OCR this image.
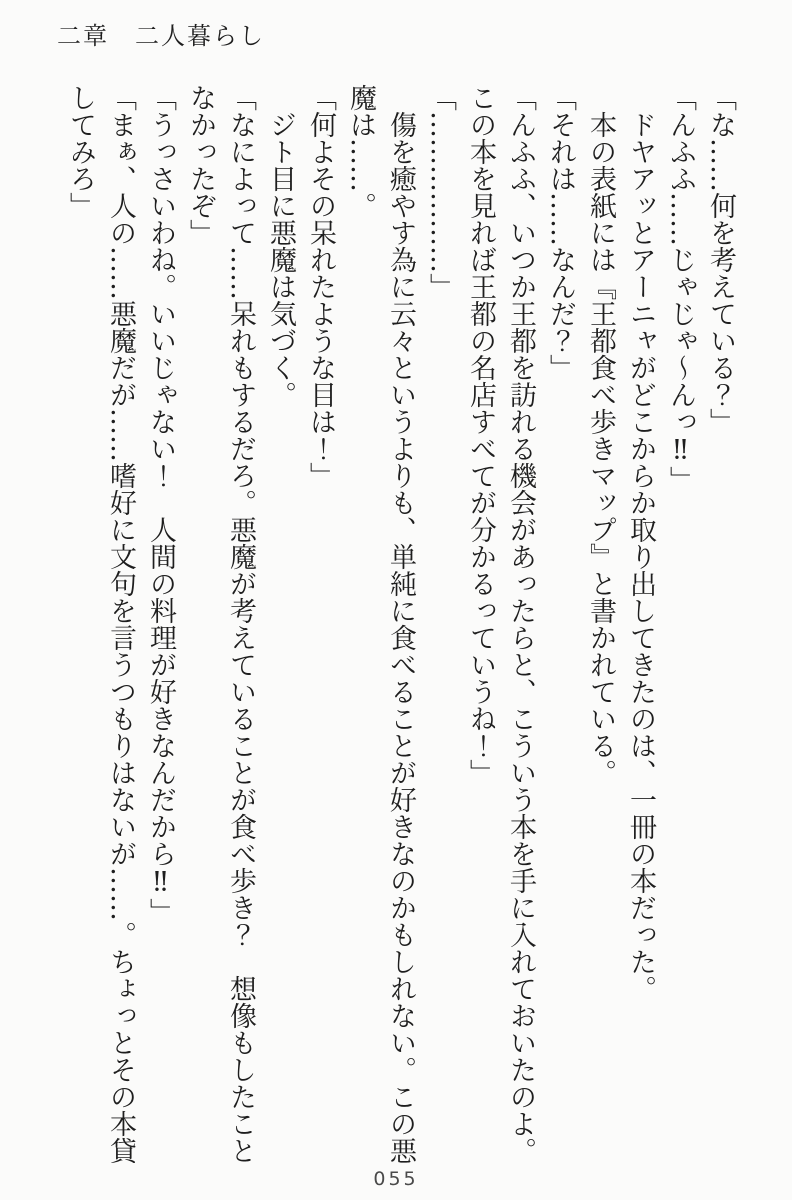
二章　二人暮らし

「な……何を考えている？」

「んふふ……じゃじゃ～んっ‼」

ドヤアッとアーニャがどこからか取り出してきたのは、一冊の本だった。

本の表紙には『王都食べ歩きマップ』と書かれている。

「それは……なんだ？」

「んふふ、いつか王都を訪れる機会があったらと、こういう本を手に入れておいたのよ。

この本を見れば王都の名店すべてが分かるっていうね！」

「………………」

傷を癒やす為に云々というよりも、単純に食べることが好きなのかもしれない。この悪

魔は……。

「何よその呆れたような目は！」

ジト目に悪魔は気づく。

「なによって……呆れもするだろ。悪魔が考えていることが食べ歩き？　想像もしたこと

なかったぞ」

「うっさいわね。いいじゃない！　人間の料理が好きなんだから‼」

「まぁ、人の……悪魔だが……嗜好に文句を言うつもりはないが……。ちょっとその本貸

してみろ」

055
